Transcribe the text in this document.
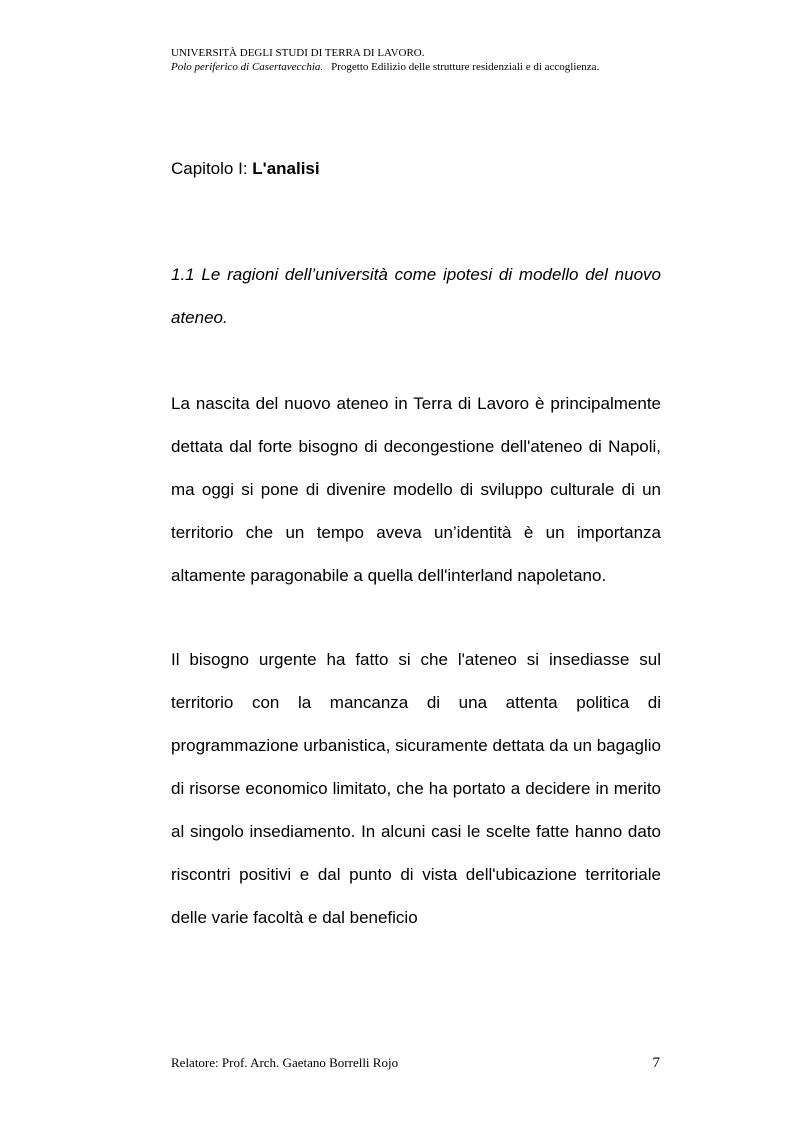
UNIVERSITÀ DEGLI STUDI DI TERRA DI LAVORO.
Polo periferico di Casertavecchia. Progetto Edilizio delle strutture residenziali e di accoglienza.
Capitolo I: L'analisi
1.1 Le ragioni dell’università come ipotesi di modello del nuovo ateneo.

La nascita del nuovo ateneo in Terra di Lavoro è principalmente dettata dal forte bisogno di decongestione dell'ateneo di Napoli, ma oggi si pone di divenire modello di sviluppo culturale di un territorio che un tempo aveva un’identità è un importanza altamente paragonabile a quella dell'interland napoletano.

Il bisogno urgente ha fatto si che l'ateneo si insediasse sul territorio con la mancanza di una attenta politica di programmazione urbanistica, sicuramente dettata da un bagaglio di risorse economico limitato, che ha portato a decidere in merito al singolo insediamento. In alcuni casi le scelte fatte hanno dato riscontri positivi e dal punto di vista dell'ubicazione territoriale delle varie facoltà e dal beneficio

Relatore: Prof. Arch. Gaetano Borrelli Rojo	7
